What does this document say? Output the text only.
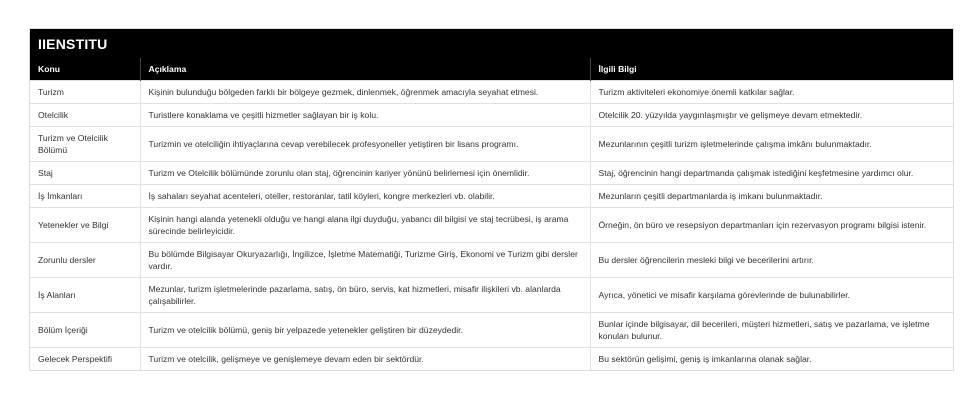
IIENSTITU
Konu	Açıklama	İlgili Bilgi
Turizm	Kişinin bulunduğu bölgeden farklı bir bölgeye gezmek, dinlenmek, öğrenmek amacıyla seyahat etmesi.	Turizm aktiviteleri ekonomiye önemli katkılar sağlar.
Otelcilik	Turistlere konaklama ve çeşitli hizmetler sağlayan bir iş kolu.	Otelcilik 20. yüzyılda yaygınlaşmıştır ve gelişmeye devam etmektedir.
Turizm ve Otelcilik Bölümü	Turizmin ve otelciliğin ihtiyaçlarına cevap verebilecek profesyoneller yetiştiren bir lisans programı.	Mezunlarının çeşitli turizm işletmelerinde çalışma imkânı bulunmaktadır.
Staj	Turizm ve Otelcilik bölümünde zorunlu olan staj, öğrencinin kariyer yönünü belirlemesi için önemlidir.	Staj, öğrencinin hangi departmanda çalışmak istediğini keşfetmesine yardımcı olur.
İş İmkanları	İş sahaları seyahat acenteleri, oteller, restoranlar, tatil köyleri, kongre merkezleri vb. olabilir.	Mezunların çeşitli departmanlarda iş imkanı bulunmaktadır.
Yetenekler ve Bilgi	Kişinin hangi alanda yetenekli olduğu ve hangi alana ilgi duyduğu, yabancı dil bilgisi ve staj tecrübesi, iş arama sürecinde belirleyicidir.	Örneğin, ön büro ve resepsiyon departmanları için rezervasyon programı bilgisi istenir.
Zorunlu dersler	Bu bölümde Bilgisayar Okuryazarlığı, İngilizce, İşletme Matematiği, Turizme Giriş, Ekonomi ve Turizm gibi dersler vardır.	Bu dersler öğrencilerin mesleki bilgi ve becerilerini artırır.
İş Alanları	Mezunlar, turizm işletmelerinde pazarlama, satış, ön büro, servis, kat hizmetleri, misafir ilişkileri vb. alanlarda çalışabilirler.	Ayrıca, yönetici ve misafir karşılama görevlerinde de bulunabilirler.
Bölüm İçeriği	Turizm ve otelcilik bölümü, geniş bir yelpazede yetenekler geliştiren bir düzeydedir.	Bunlar içinde bilgisayar, dil becerileri, müşteri hizmetleri, satış ve pazarlama, ve işletme konuları bulunur.
Gelecek Perspektifi	Turizm ve otelcilik, gelişmeye ve genişlemeye devam eden bir sektördür.	Bu sektörün gelişimi, geniş iş imkanlarına olanak sağlar.
